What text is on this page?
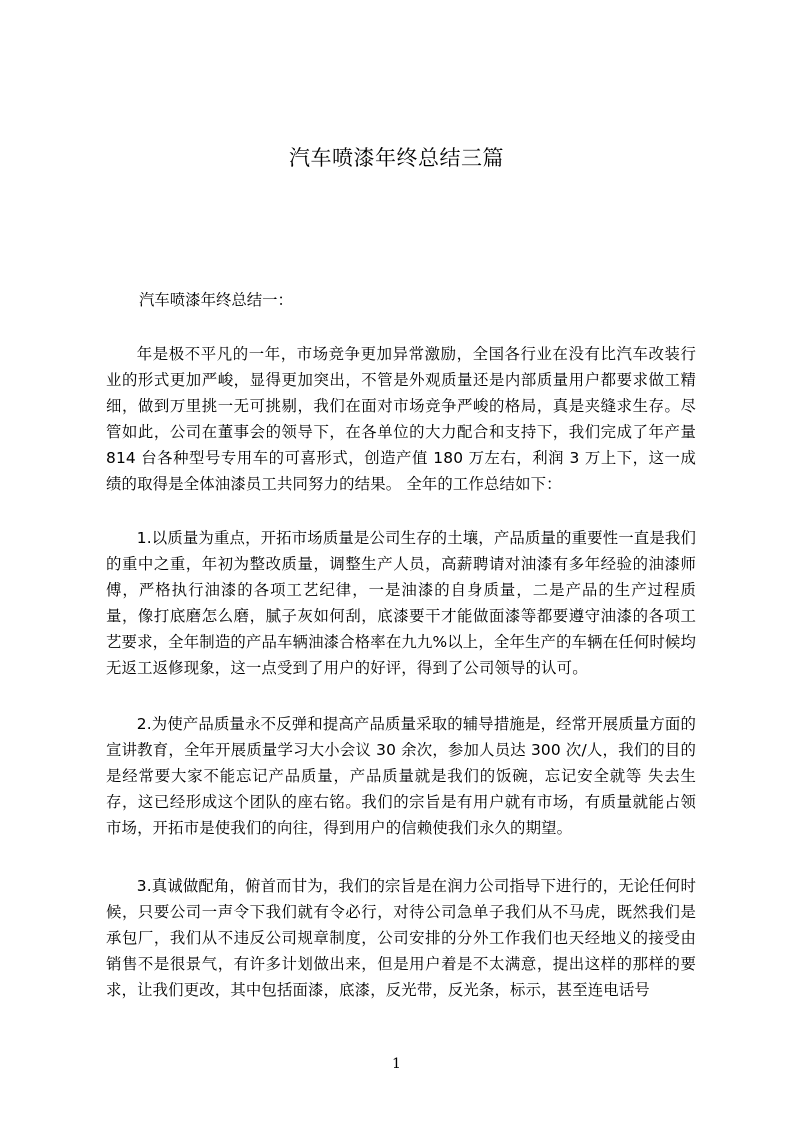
汽车喷漆年终总结三篇

汽车喷漆年终总结一：

年是极不平凡的一年，市场竞争更加异常激励，全国各行业在没有比汽车改装行业的形式更加严峻，显得更加突出，不管是外观质量还是内部质量用户都要求做工精细，做到万里挑一无可挑剔，我们在面对市场竞争严峻的格局，真是夹缝求生存。尽管如此，公司在董事会的领导下，在各单位的大力配合和支持下，我们完成了年产量 814 台各种型号专用车的可喜形式，创造产值 180 万左右，利润 3 万上下，这一成绩的取得是全体油漆员工共同努力的结果。 全年的工作总结如下：

1.以质量为重点，开拓市场质量是公司生存的土壤，产品质量的重要性一直是我们的重中之重，年初为整改质量，调整生产人员，高薪聘请对油漆有多年经验的油漆师傅，严格执行油漆的各项工艺纪律，一是油漆的自身质量，二是产品的生产过程质量，像打底磨怎么磨，腻子灰如何刮，底漆要干才能做面漆等都要遵守油漆的各项工艺要求，全年制造的产品车辆油漆合格率在九九%以上，全年生产的车辆在任何时候均无返工返修现象，这一点受到了用户的好评，得到了公司领导的认可。

2.为使产品质量永不反弹和提高产品质量采取的辅导措施是，经常开展质量方面的宣讲教育，全年开展质量学习大小会议 30 余次，参加人员达 300 次/人，我们的目的是经常要大家不能忘记产品质量，产品质量就是我们的饭碗，忘记安全就等 失去生存，这已经形成这个团队的座右铭。我们的宗旨是有用户就有市场，有质量就能占领市场，开拓市是使我们的向往，得到用户的信赖使我们永久的期望。

3.真诚做配角，俯首而甘为，我们的宗旨是在润力公司指导下进行的，无论任何时候，只要公司一声令下我们就有令必行，对待公司急单子我们从不马虎，既然我们是承包厂，我们从不违反公司规章制度，公司安排的分外工作我们也天经地义的接受由 销售不是很景气，有许多计划做出来，但是用户着是不太满意，提出这样的那样的要求，让我们更改，其中包括面漆，底漆，反光带，反光条，标示，甚至连电话号

1
